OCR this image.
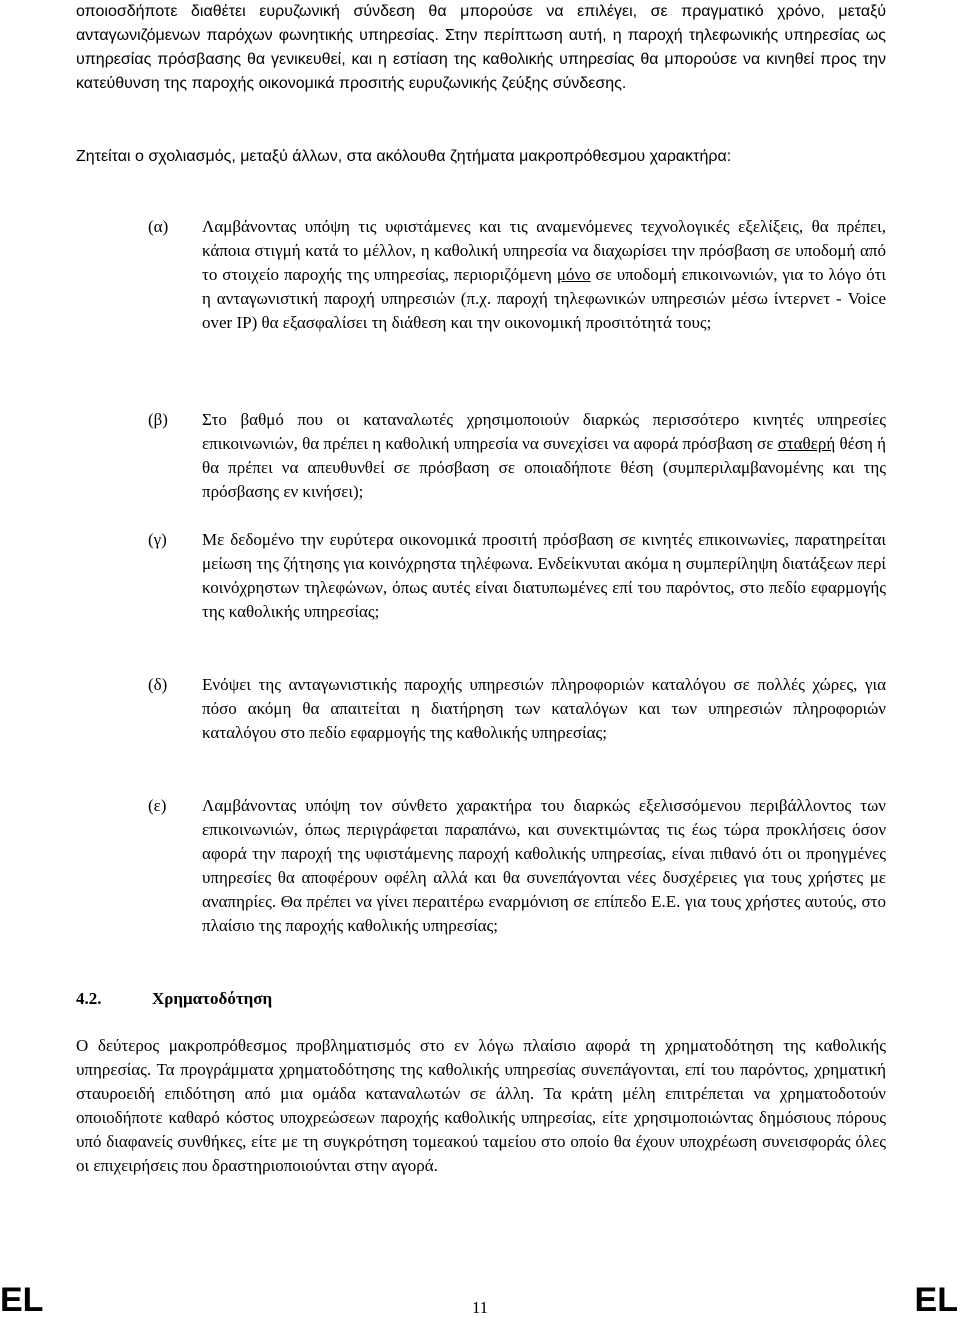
οποιοσδήποτε διαθέτει ευρυζωνική σύνδεση θα μπορούσε να επιλέγει, σε πραγματικό χρόνο, μεταξύ ανταγωνιζόμενων παρόχων φωνητικής υπηρεσίας. Στην περίπτωση αυτή, η παροχή τηλεφωνικής υπηρεσίας ως υπηρεσίας πρόσβασης θα γενικευθεί, και η εστίαση της καθολικής υπηρεσίας θα μπορούσε να κινηθεί προς την κατεύθυνση της παροχής οικονομικά προσιτής ευρυζωνικής ζεύξης σύνδεσης.

Ζητείται ο σχολιασμός, μεταξύ άλλων, στα ακόλουθα ζητήματα μακροπρόθεσμου χαρακτήρα:

(α) Λαμβάνοντας υπόψη τις υφιστάμενες και τις αναμενόμενες τεχνολογικές εξελίξεις, θα πρέπει, κάποια στιγμή κατά το μέλλον, η καθολική υπηρεσία να διαχωρίσει την πρόσβαση σε υποδομή από το στοιχείο παροχής της υπηρεσίας, περιοριζόμενη μόνο σε υποδομή επικοινωνιών, για το λόγο ότι η ανταγωνιστική παροχή υπηρεσιών (π.χ. παροχή τηλεφωνικών υπηρεσιών μέσω ίντερνετ - Voice over IP) θα εξασφαλίσει τη διάθεση και την οικονομική προσιτότητά τους;

(β) Στο βαθμό που οι καταναλωτές χρησιμοποιούν διαρκώς περισσότερο κινητές υπηρεσίες επικοινωνιών, θα πρέπει η καθολική υπηρεσία να συνεχίσει να αφορά πρόσβαση σε σταθερή θέση ή θα πρέπει να απευθυνθεί σε πρόσβαση σε οποιαδήποτε θέση (συμπεριλαμβανομένης και της πρόσβασης εν κινήσει);

(γ) Με δεδομένο την ευρύτερα οικονομικά προσιτή πρόσβαση σε κινητές επικοινωνίες, παρατηρείται μείωση της ζήτησης για κοινόχρηστα τηλέφωνα. Ενδείκνυται ακόμα η συμπερίληψη διατάξεων περί κοινόχρηστων τηλεφώνων, όπως αυτές είναι διατυπωμένες επί του παρόντος, στο πεδίο εφαρμογής της καθολικής υπηρεσίας;

(δ) Ενόψει της ανταγωνιστικής παροχής υπηρεσιών πληροφοριών καταλόγου σε πολλές χώρες, για πόσο ακόμη θα απαιτείται η διατήρηση των καταλόγων και των υπηρεσιών πληροφοριών καταλόγου στο πεδίο εφαρμογής της καθολικής υπηρεσίας;

(ε) Λαμβάνοντας υπόψη τον σύνθετο χαρακτήρα του διαρκώς εξελισσόμενου περιβάλλοντος των επικοινωνιών, όπως περιγράφεται παραπάνω, και συνεκτιμώντας τις έως τώρα προκλήσεις όσον αφορά την παροχή της υφιστάμενης παροχή καθολικής υπηρεσίας, είναι πιθανό ότι οι προηγμένες υπηρεσίες θα αποφέρουν οφέλη αλλά και θα συνεπάγονται νέες δυσχέρειες για τους χρήστες με αναπηρίες. Θα πρέπει να γίνει περαιτέρω εναρμόνιση σε επίπεδο Ε.Ε. για τους χρήστες αυτούς, στο πλαίσιο της παροχής καθολικής υπηρεσίας;

4.2.	Χρηματοδότηση

Ο δεύτερος μακροπρόθεσμος προβληματισμός στο εν λόγω πλαίσιο αφορά τη χρηματοδότηση της καθολικής υπηρεσίας. Τα προγράμματα χρηματοδότησης της καθολικής υπηρεσίας συνεπάγονται, επί του παρόντος, χρηματική σταυροειδή επιδότηση από μια ομάδα καταναλωτών σε άλλη. Τα κράτη μέλη επιτρέπεται να χρηματοδοτούν οποιοδήποτε καθαρό κόστος υποχρεώσεων παροχής καθολικής υπηρεσίας, είτε χρησιμοποιώντας δημόσιους πόρους υπό διαφανείς συνθήκες, είτε με τη συγκρότηση τομεακού ταμείου στο οποίο θα έχουν υποχρέωση συνεισφοράς όλες οι επιχειρήσεις που δραστηριοποιούνται στην αγορά.

EL	11	EL
